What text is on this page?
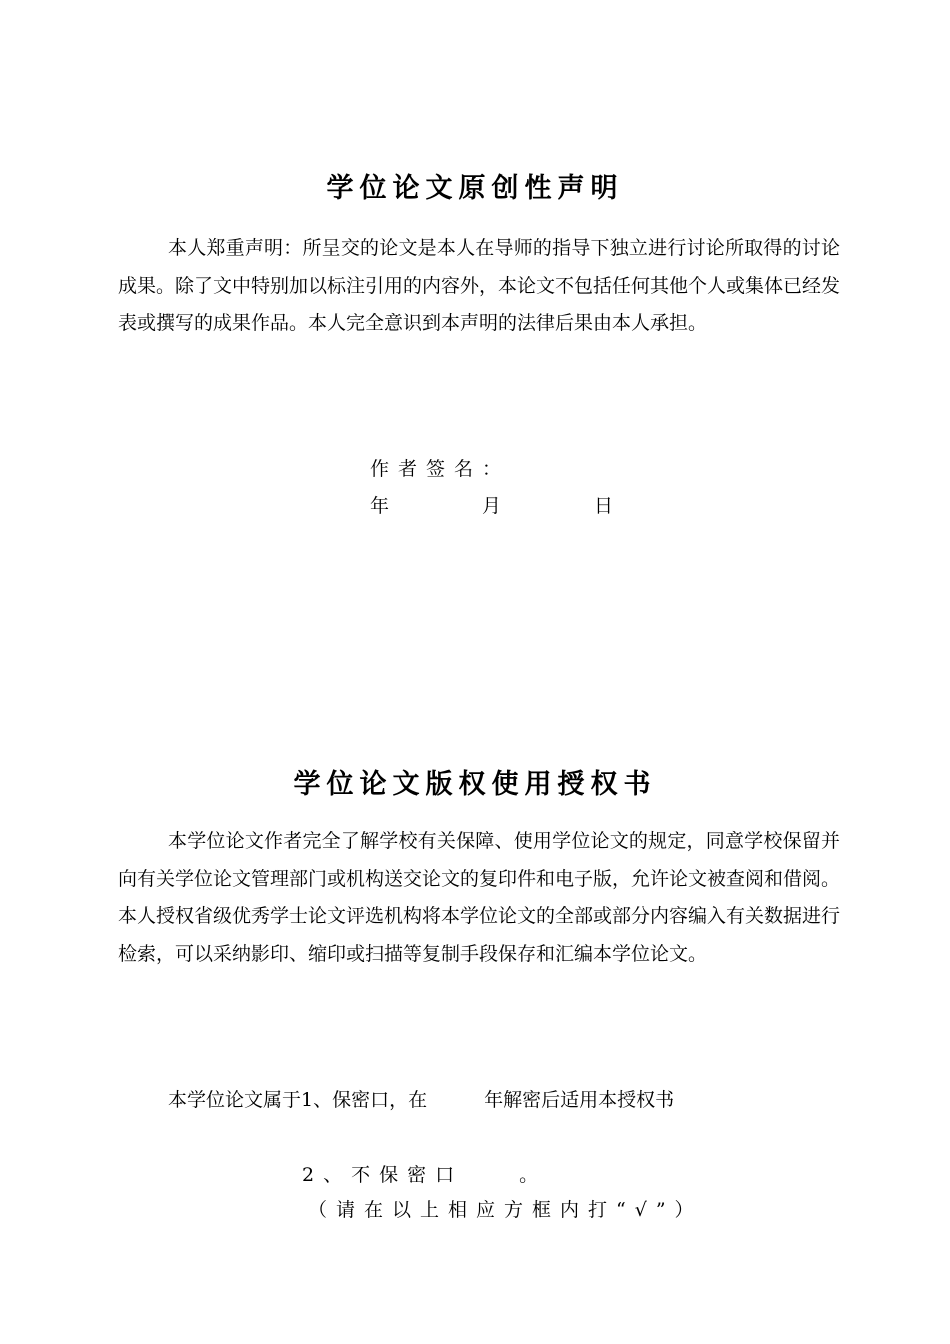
学位论文原创性声明

本人郑重声明：所呈交的论文是本人在导师的指导下独立进行讨论所取得的讨论成果。除了文中特别加以标注引用的内容外，本论文不包括任何其他个人或集体已经发表或撰写的成果作品。本人完全意识到本声明的法律后果由本人承担。

作者签名：

年　　　月　　　日

学位论文版权使用授权书

本学位论文作者完全了解学校有关保障、使用学位论文的规定，同意学校保留并向有关学位论文管理部门或机构送交论文的复印件和电子版，允许论文被查阅和借阅。本人授权省级优秀学士论文评选机构将本学位论文的全部或部分内容编入有关数据进行检索，可以采纳影印、缩印或扫描等复制手段保存和汇编本学位论文。

本学位论文属于1、保密口，在　　　年解密后适用本授权书

2、不保密口　　。

（请在以上相应方框内打“√”）
